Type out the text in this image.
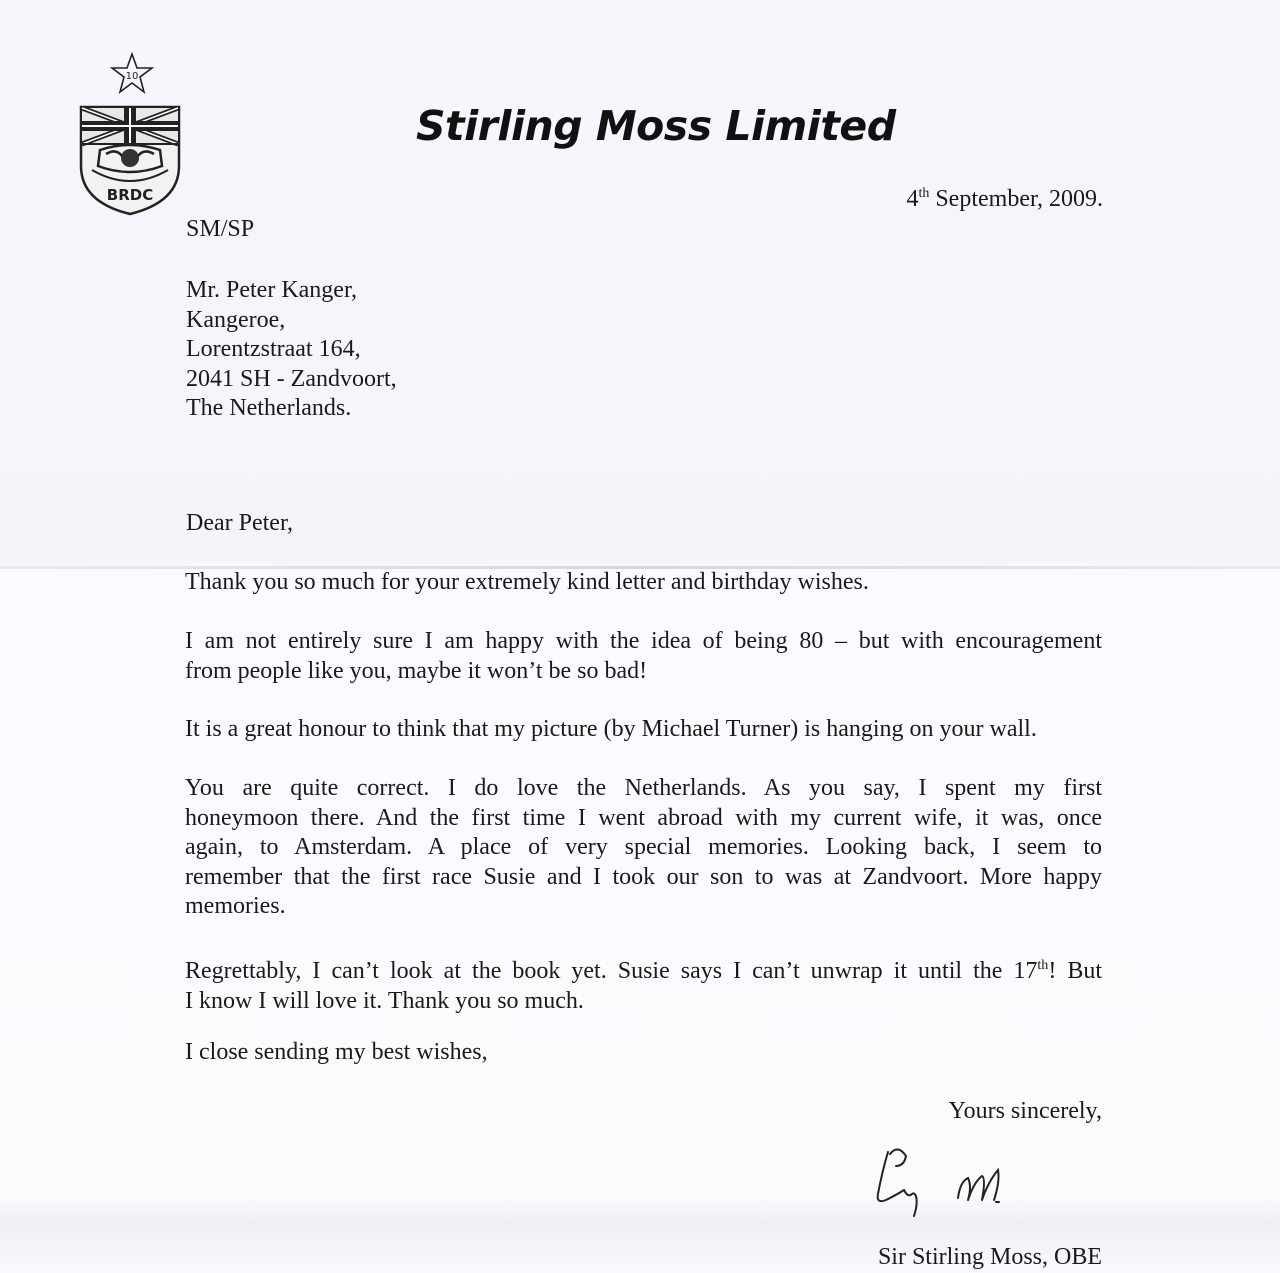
10
BRDC
Stirling Moss Limited
4th September, 2009.
SM/SP
Mr. Peter Kanger,
Kangeroe,
Lorentzstraat 164,
2041 SH - Zandvoort,
The Netherlands.
Dear Peter,
Thank you so much for your extremely kind letter and birthday wishes.
I am not entirely sure I am happy with the idea of being 80 – but with encouragement
from people like you, maybe it won’t be so bad!
It is a great honour to think that my picture (by Michael Turner) is hanging on your wall.
You are quite correct. I do love the Netherlands. As you say, I spent my first
honeymoon there. And the first time I went abroad with my current wife, it was, once
again, to Amsterdam. A place of very special memories. Looking back, I seem to
remember that the first race Susie and I took our son to was at Zandvoort. More happy
memories.
Regrettably, I can’t look at the book yet. Susie says I can’t unwrap it until the 17th! But
I know I will love it. Thank you so much.
I close sending my best wishes,
Yours sincerely,
Sir Stirling Moss, OBE
